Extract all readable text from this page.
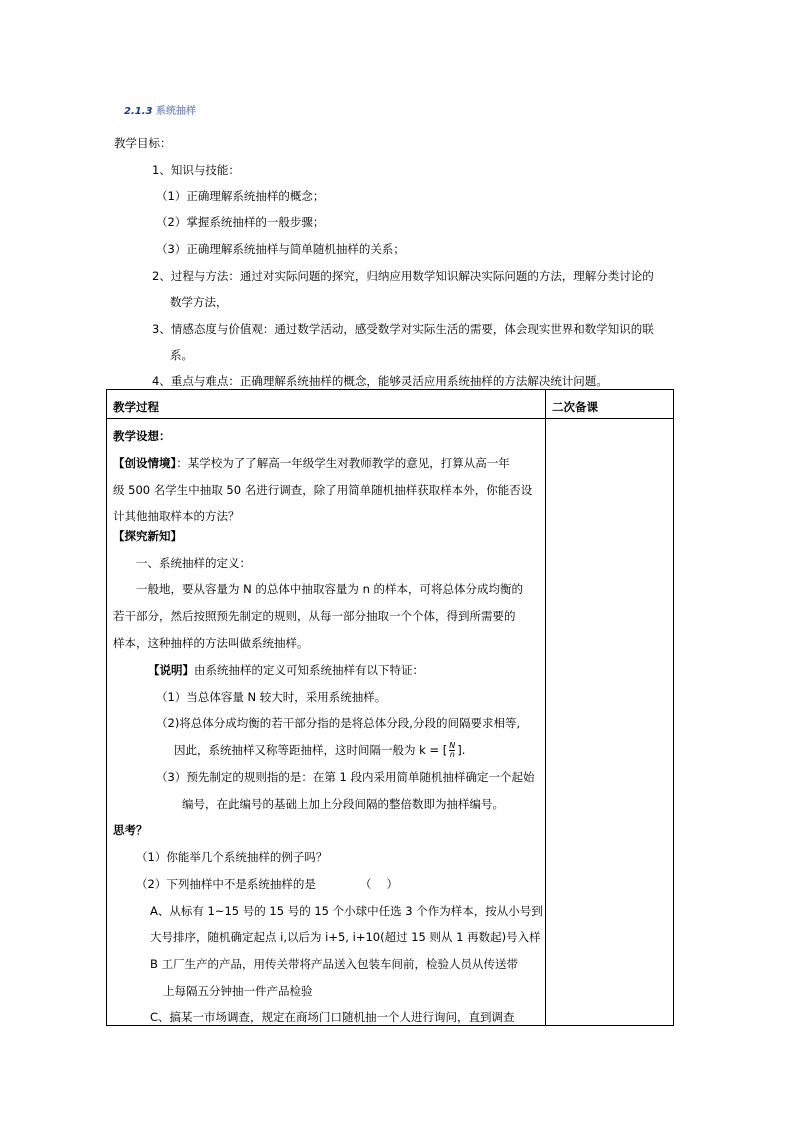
2.1.3 系统抽样
教学目标：
1、知识与技能：
（1）正确理解系统抽样的概念；
（2）掌握系统抽样的一般步骤；
（3）正确理解系统抽样与简单随机抽样的关系；
2、过程与方法：通过对实际问题的探究，归纳应用数学知识解决实际问题的方法，理解分类讨论的
数学方法，
3、情感态度与价值观：通过数学活动，感受数学对实际生活的需要，体会现实世界和数学知识的联
系。
4、重点与难点：正确理解系统抽样的概念，能够灵活应用系统抽样的方法解决统计问题。
教学过程	二次备课
教学设想：
【创设情境】：某学校为了了解高一年级学生对教师教学的意见，打算从高一年
级 500 名学生中抽取 50 名进行调查，除了用简单随机抽样获取样本外，你能否设
计其他抽取样本的方法？
【探究新知】
一、系统抽样的定义：
一般地，要从容量为 N 的总体中抽取容量为 n 的样本，可将总体分成均衡的
若干部分，然后按照预先制定的规则，从每一部分抽取一个个体，得到所需要的
样本，这种抽样的方法叫做系统抽样。
【说明】由系统抽样的定义可知系统抽样有以下特证：
（1）当总体容量 N 较大时，采用系统抽样。
（2)将总体分成均衡的若干部分指的是将总体分段,分段的间隔要求相等,
因此，系统抽样又称等距抽样，这时间隔一般为 k = [ $\frac{N}{n}$ ].
（3）预先制定的规则指的是：在第 1 段内采用简单随机抽样确定一个起始
编号，在此编号的基础上加上分段间隔的整倍数即为抽样编号。
思考？
（1）你能举几个系统抽样的例子吗？
（2）下列抽样中不是系统抽样的是	（　 ）
A、从标有 1~15 号的 15 号的 15 个小球中任选 3 个作为样本，按从小号到
大号排序，随机确定起点 i,以后为 i+5, i+10(超过 15 则从 1 再数起)号入样
B 工厂生产的产品，用传关带将产品送入包装车间前，检验人员从传送带
上每隔五分钟抽一件产品检验
C、搞某一市场调查，规定在商场门口随机抽一个人进行询问，直到调查
